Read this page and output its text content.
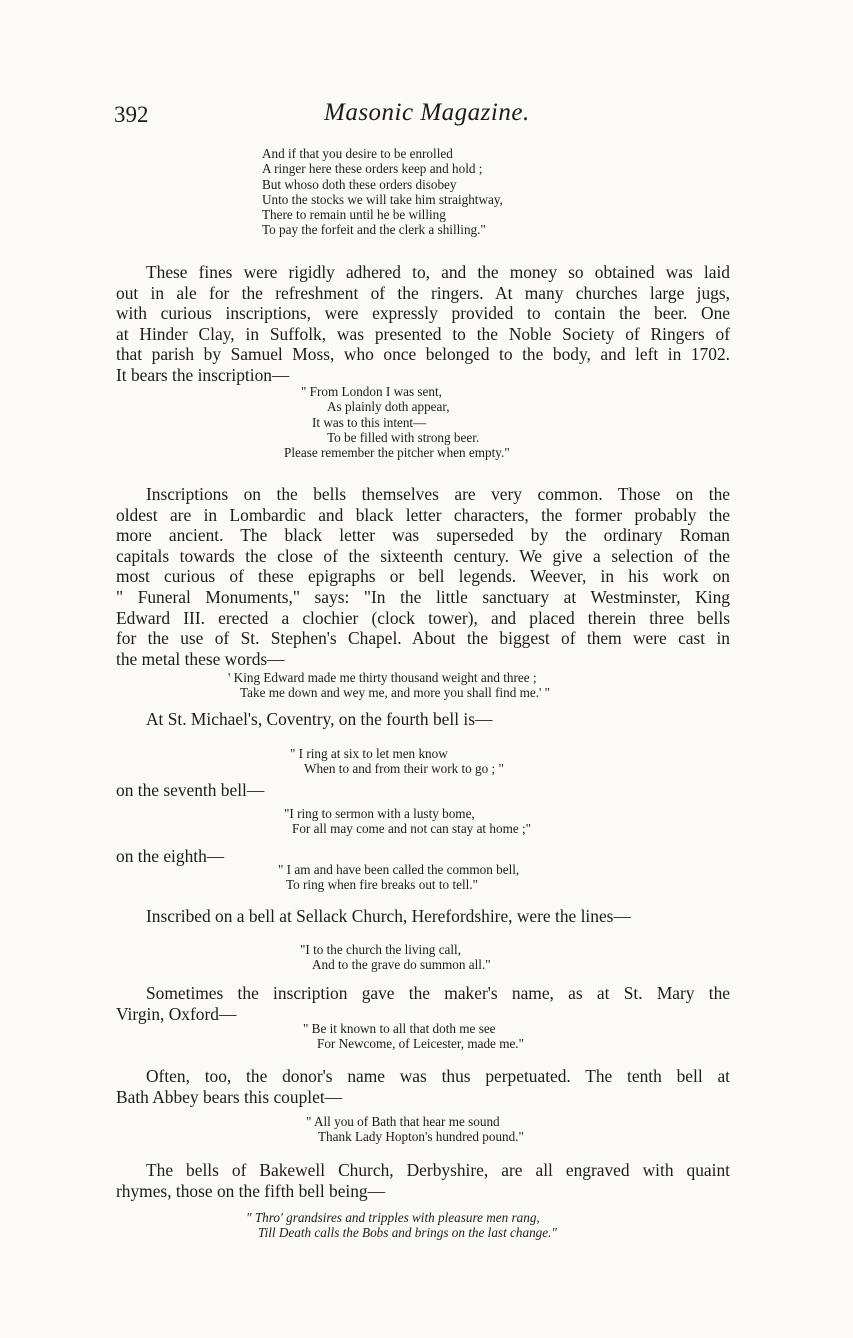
392	Masonic Magazine.
And if that you desire to be enrolled
A ringer here these orders keep and hold ;
But whoso doth these orders disobey
Unto the stocks we will take him straightway,
There to remain until he be willing
To pay the forfeit and the clerk a shilling."
These fines were rigidly adhered to, and the money so obtained was laid
out in ale for the refreshment of the ringers. At many churches large jugs,
with curious inscriptions, were expressly provided to contain the beer. One
at Hinder Clay, in Suffolk, was presented to the Noble Society of Ringers of
that parish by Samuel Moss, who once belonged to the body, and left in 1702.
It bears the inscription—
" From London I was sent,
As plainly doth appear,
It was to this intent—
To be filled with strong beer.
Please remember the pitcher when empty."
Inscriptions on the bells themselves are very common. Those on the
oldest are in Lombardic and black letter characters, the former probably the
more ancient. The black letter was superseded by the ordinary Roman
capitals towards the close of the sixteenth century. We give a selection of the
most curious of these epigraphs or bell legends. Weever, in his work on
" Funeral Monuments," says: "In the little sanctuary at Westminster, King
Edward III. erected a clochier (clock tower), and placed therein three bells
for the use of St. Stephen's Chapel. About the biggest of them were cast in
the metal these words—
' King Edward made me thirty thousand weight and three ;
Take me down and wey me, and more you shall find me.' "
At St. Michael's, Coventry, on the fourth bell is—
" I ring at six to let men know
When to and from their work to go ; "
on the seventh bell—
"I ring to sermon with a lusty bome,
For all may come and not can stay at home ;"
on the eighth—
" I am and have been called the common bell,
To ring when fire breaks out to tell."
Inscribed on a bell at Sellack Church, Herefordshire, were the lines—
"I to the church the living call,
And to the grave do summon all."
Sometimes the inscription gave the maker's name, as at St. Mary the
Virgin, Oxford—
" Be it known to all that doth me see
For Newcome, of Leicester, made me."
Often, too, the donor's name was thus perpetuated. The tenth bell at
Bath Abbey bears this couplet—
" All you of Bath that hear me sound
Thank Lady Hopton's hundred pound."
The bells of Bakewell Church, Derbyshire, are all engraved with quaint
rhymes, those on the fifth bell being—
" Thro' grandsires and tripples with pleasure men rang,
Till Death calls the Bobs and brings on the last change."
